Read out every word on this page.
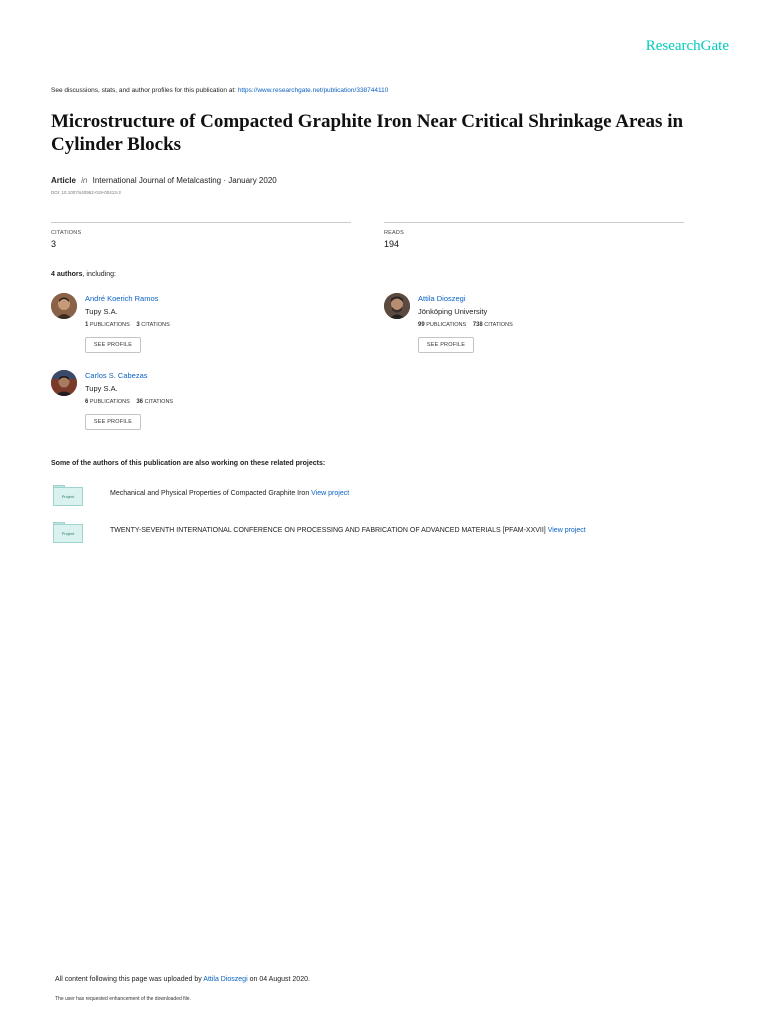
ResearchGate
See discussions, stats, and author profiles for this publication at: https://www.researchgate.net/publication/338744110
Microstructure of Compacted Graphite Iron Near Critical Shrinkage Areas in Cylinder Blocks
Article in International Journal of Metalcasting · January 2020
DOI: 10.1007/s40962-019-00413-3
CITATIONS
3
READS
194
4 authors, including:
André Koerich Ramos
Tupy S.A.
1 PUBLICATIONS 3 CITATIONS
SEE PROFILE
Attila Dioszegi
Jönköping University
99 PUBLICATIONS 738 CITATIONS
SEE PROFILE
Carlos S. Cabezas
Tupy S.A.
6 PUBLICATIONS 36 CITATIONS
SEE PROFILE
Some of the authors of this publication are also working on these related projects:
Project	Mechanical and Physical Properties of Compacted Graphite Iron View project
Project	TWENTY-SEVENTH INTERNATIONAL CONFERENCE ON PROCESSING AND FABRICATION OF ADVANCED MATERIALS [PFAM-XXVII] View project
All content following this page was uploaded by Attila Dioszegi on 04 August 2020.
The user has requested enhancement of the downloaded file.
